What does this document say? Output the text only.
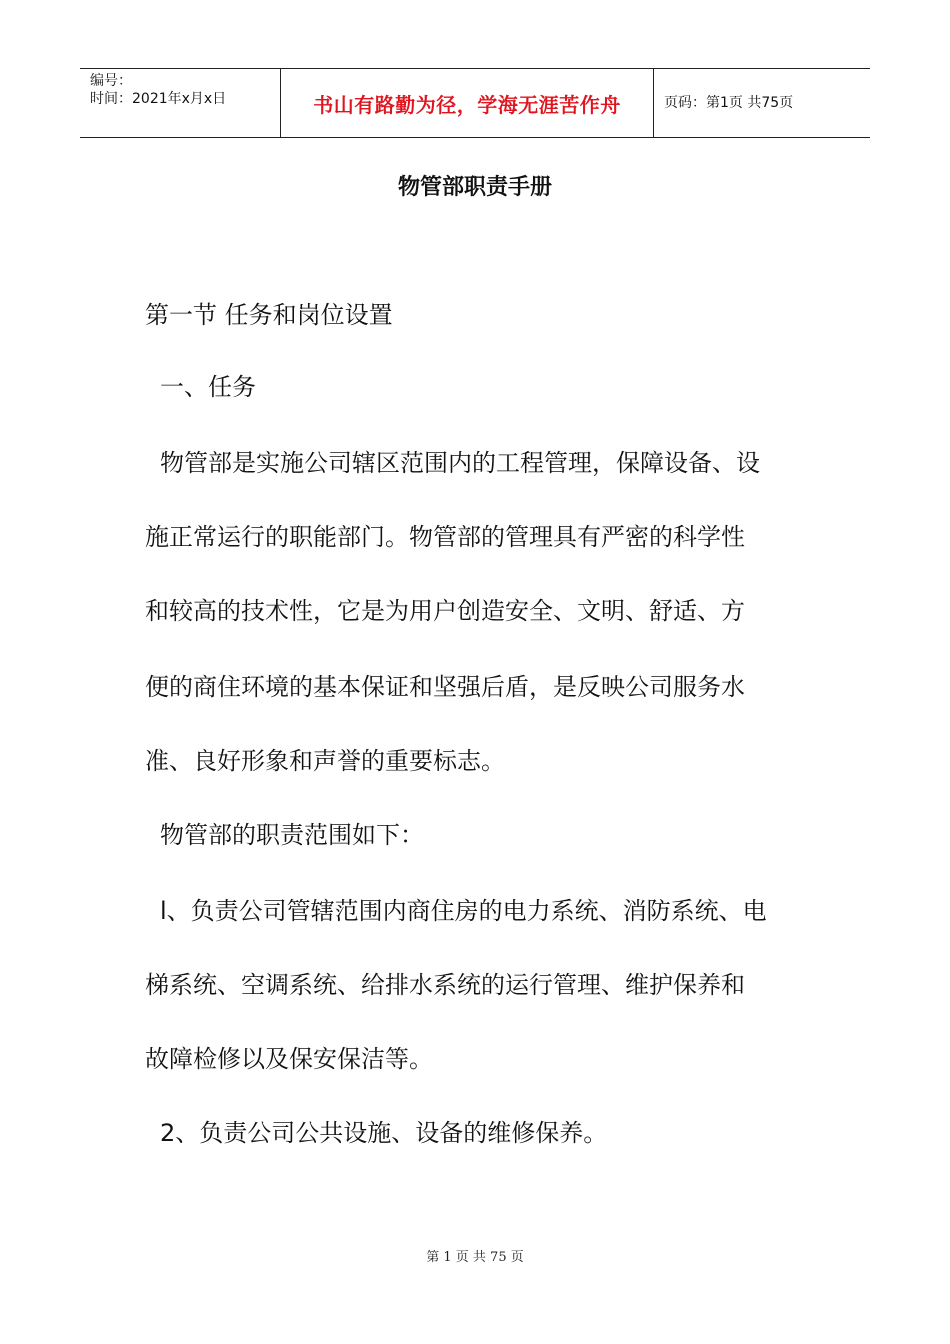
编号：
时间：2021年x月x日	书山有路勤为径，学海无涯苦作舟	页码：第1页 共75页
物管部职责手册
第一节 任务和岗位设置
一、任务
物管部是实施公司辖区范围内的工程管理，保障设备、设
施正常运行的职能部门。物管部的管理具有严密的科学性
和较高的技术性，它是为用户创造安全、文明、舒适、方
便的商住环境的基本保证和坚强后盾，是反映公司服务水
准、良好形象和声誉的重要标志。
物管部的职责范围如下：
l、负责公司管辖范围内商住房的电力系统、消防系统、电
梯系统、空调系统、给排水系统的运行管理、维护保养和
故障检修以及保安保洁等。
2、负责公司公共设施、设备的维修保养。
第 1 页 共 75 页
